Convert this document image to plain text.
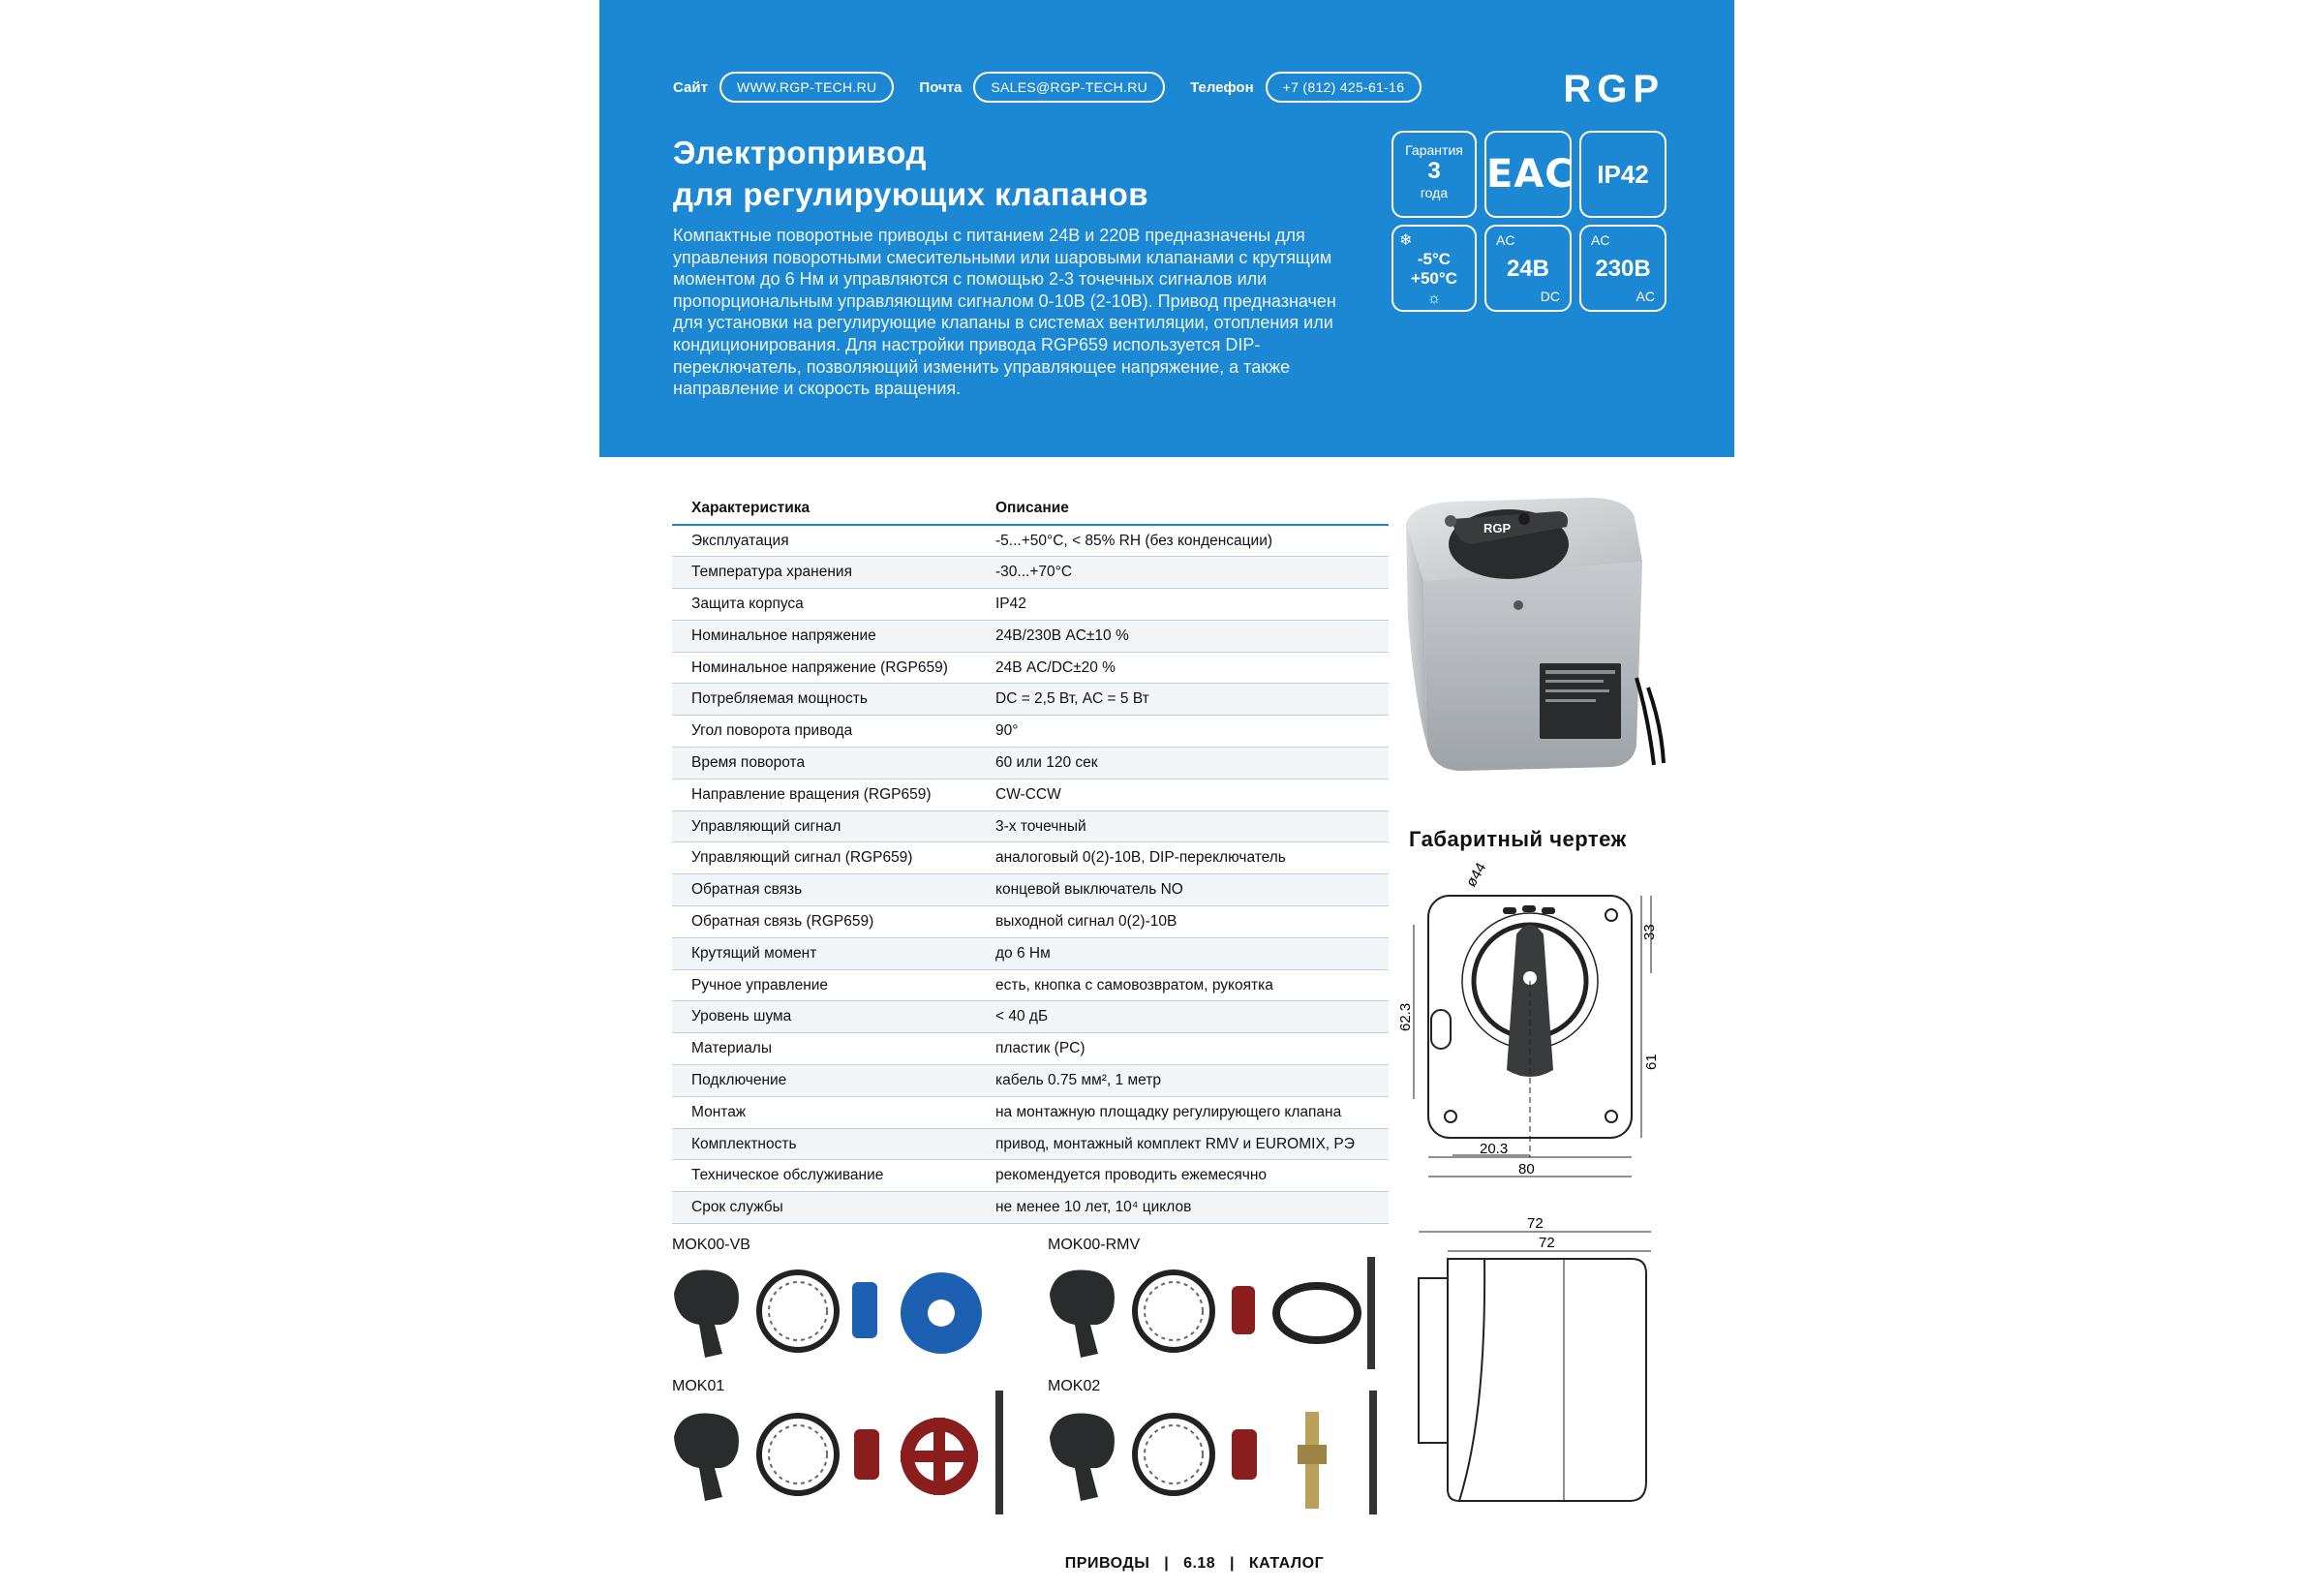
Сайт	WWW.RGP-TECH.RU	Почта	SALES@RGP-TECH.RU	Телефон	+7 (812) 425-61-16	RGP
Электропривод
для регулирующих клапанов
Компактные поворотные приводы с питанием 24В и 220В предназначены для управления поворотными смесительными или шаровыми клапанами с крутящим моментом до 6 Нм и управляются с помощью 2-3 точечных сигналов или пропорциональным управляющим сигналом 0-10В (2-10В). Привод предназначен для установки на регулирующие клапаны в системах вентиляции, отопления или кондиционирования. Для настройки привода RGP659 используется DIP-переключатель, позволяющий изменить управляющее напряжение, а также направление и скорость вращения.
Гарантия
3
года EAC IP42
❄
-5°C
+50°C
☼
AC
24В
DC
AC
230В
AC
Характеристика	Описание
Эксплуатация	-5...+50°С, < 85% RH (без конденсации)
Температура хранения	-30...+70°С
Защита корпуса	IP42
Номинальное напряжение	24В/230В AC±10 %
Номинальное напряжение (RGP659)	24В AC/DC±20 %
Потребляемая мощность	DC = 2,5 Вт, AC = 5 Вт
Угол поворота привода	90°
Время поворота	60 или 120 сек
Направление вращения (RGP659)	CW-CCW
Управляющий сигнал	3-х точечный
Управляющий сигнал (RGP659)	аналоговый 0(2)-10В, DIP-переключатель
Обратная связь	концевой выключатель NO
Обратная связь (RGP659)	выходной сигнал 0(2)-10В
Крутящий момент	до 6 Нм
Ручное управление	есть, кнопка с самовозвратом, рукоятка
Уровень шума	< 40 дБ
Материалы	пластик (PC)
Подключение	кабель 0.75 мм², 1 метр
Монтаж	на монтажную площадку регулирующего клапана
Комплектность	привод, монтажный комплект RMV и EUROMIX, РЭ
Техническое обслуживание	рекомендуется проводить ежемесячно
Срок службы	не менее 10 лет, 10⁴ циклов
RGP
Габаритный чертеж
ø44
33
62.3
61
20.3
80
72
72
MOK00-VB	MOK00-RMV
MOK01	MOK02

ПРИВОДЫ   |   6.18   |   КАТАЛОГ
